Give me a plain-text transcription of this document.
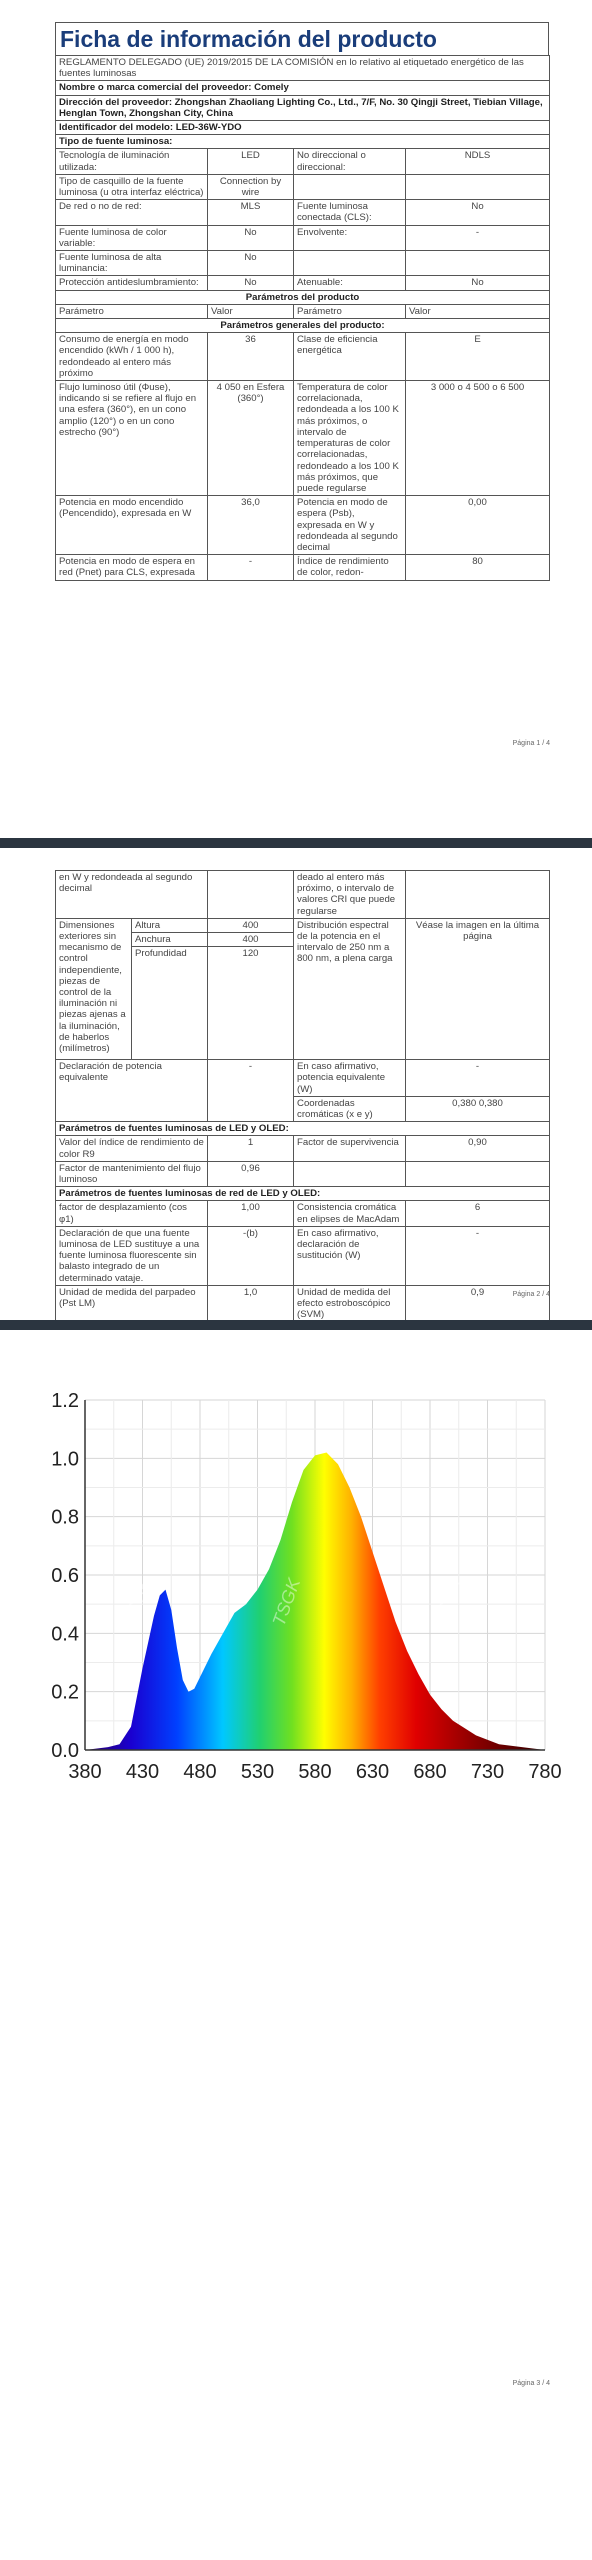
Ficha de información del producto
REGLAMENTO DELEGADO (UE) 2019/2015 DE LA COMISIÓN en lo relativo al etiquetado energético de las fuentes luminosas			
Nombre o marca comercial del proveedor: Comely			
Dirección del proveedor: Zhongshan Zhaoliang Lighting Co., Ltd., 7/F, No. 30 Qingji Street, Tiebian Village, Henglan Town, Zhongshan City, China			
Identificador del modelo: LED-36W-YDO			
Tipo de fuente luminosa:			
Tecnología de iluminación utilizada:	LED	No direccional o direccional:	NDLS
Tipo de casquillo de la fuente luminosa (u otra interfaz eléctrica)	Connection by wire		
De red o no de red:	MLS	Fuente luminosa conectada (CLS):	No
Fuente luminosa de color variable:	No	Envolvente:	-
Fuente luminosa de alta luminancia:	No		
Protección antideslumbramiento:	No	Atenuable:	No
Parámetros del producto			
Parámetro	Valor	Parámetro	Valor
Parámetros generales del producto:			
Consumo de energía en modo encendido (kWh / 1 000 h), redondeado al entero más próximo	36	Clase de eficiencia energética	E
Flujo luminoso útil (Φuse), indicando si se refiere al flujo en una esfera (360°), en un cono amplio (120°) o en un cono estrecho (90°)	4 050 en Esfera (360°)	Temperatura de color correlacionada, redondeada a los 100 K más próximos, o intervalo de temperaturas de color correlacionadas, redondeado a los 100 K más próximos, que puede regularse	3 000 o 4 500 o 6 500
Potencia en modo encendido (Pencendido), expresada en W	36,0	Potencia en modo de espera (Psb), expresada en W y redondeada al segundo decimal	0,00
Potencia en modo de espera en red (Pnet) para CLS, expresada	-	Índice de rendimiento de color, redon-	80
Página 1 / 4
en W y redondeada al segundo decimal			deado al entero más próximo, o intervalo de valores CRI que puede regularse	
Dimensiones exteriores sin mecanismo de control independiente, piezas de control de la iluminación ni piezas ajenas a la iluminación, de haberlos (milímetros)	Altura	400	Distribución espectral de la potencia en el intervalo de 250 nm a 800 nm, a plena carga	Véase la imagen en la última página
	Anchura	400		
	Profundidad	120		
Declaración de potencia equivalente		-	En caso afirmativo, potencia equivalente (W)	-
			Coordenadas cromáticas (x e y)	0,380 0,380
Parámetros de fuentes luminosas de LED y OLED:				
Valor del índice de rendimiento de color R9		1	Factor de supervivencia	0,90
Factor de mantenimiento del flujo luminoso		0,96		
Parámetros de fuentes luminosas de red de LED y OLED:				
factor de desplazamiento (cos φ1)		1,00	Consistencia cromática en elipses de MacAdam	6
Declaración de que una fuente luminosa de LED sustituye a una fuente luminosa fluorescente sin balasto integrado de un determinado vataje.		-(b)	En caso afirmativo, declaración de sustitución (W)	-
Unidad de medida del parpadeo (Pst LM)		1,0	Unidad de medida del efecto estroboscópico (SVM)	0,9	Página 2 / 4
Página 3 / 4
380 430 480 530 580 630 680 730 780
0.0
0.2
0.4
0.6
0.8
1.0
1.2
TSGK	TSGK	TSGK
